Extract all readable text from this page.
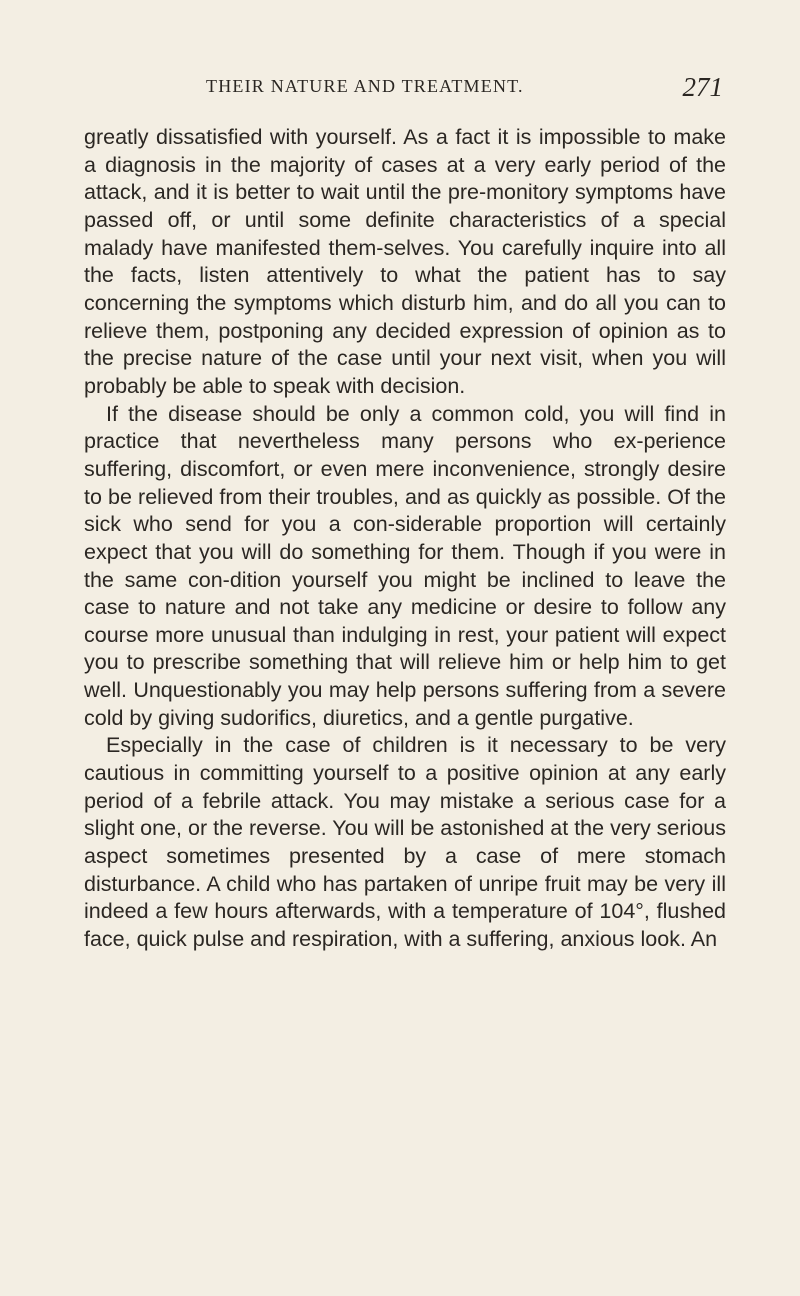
THEIR NATURE AND TREATMENT.	271

greatly dissatisfied with yourself. As a fact it is impossible to make a diagnosis in the majority of cases at a very early period of the attack, and it is better to wait until the pre-monitory symptoms have passed off, or until some definite characteristics of a special malady have manifested them-selves. You carefully inquire into all the facts, listen attentively to what the patient has to say concerning the symptoms which disturb him, and do all you can to relieve them, postponing any decided expression of opinion as to the precise nature of the case until your next visit, when you will probably be able to speak with decision.

If the disease should be only a common cold, you will find in practice that nevertheless many persons who ex-perience suffering, discomfort, or even mere inconvenience, strongly desire to be relieved from their troubles, and as quickly as possible. Of the sick who send for you a con-siderable proportion will certainly expect that you will do something for them. Though if you were in the same con-dition yourself you might be inclined to leave the case to nature and not take any medicine or desire to follow any course more unusual than indulging in rest, your patient will expect you to prescribe something that will relieve him or help him to get well. Unquestionably you may help persons suffering from a severe cold by giving sudorifics, diuretics, and a gentle purgative.

Especially in the case of children is it necessary to be very cautious in committing yourself to a positive opinion at any early period of a febrile attack. You may mistake a serious case for a slight one, or the reverse. You will be astonished at the very serious aspect sometimes presented by a case of mere stomach disturbance. A child who has partaken of unripe fruit may be very ill indeed a few hours afterwards, with a temperature of 104°, flushed face, quick pulse and respiration, with a suffering, anxious look. An
